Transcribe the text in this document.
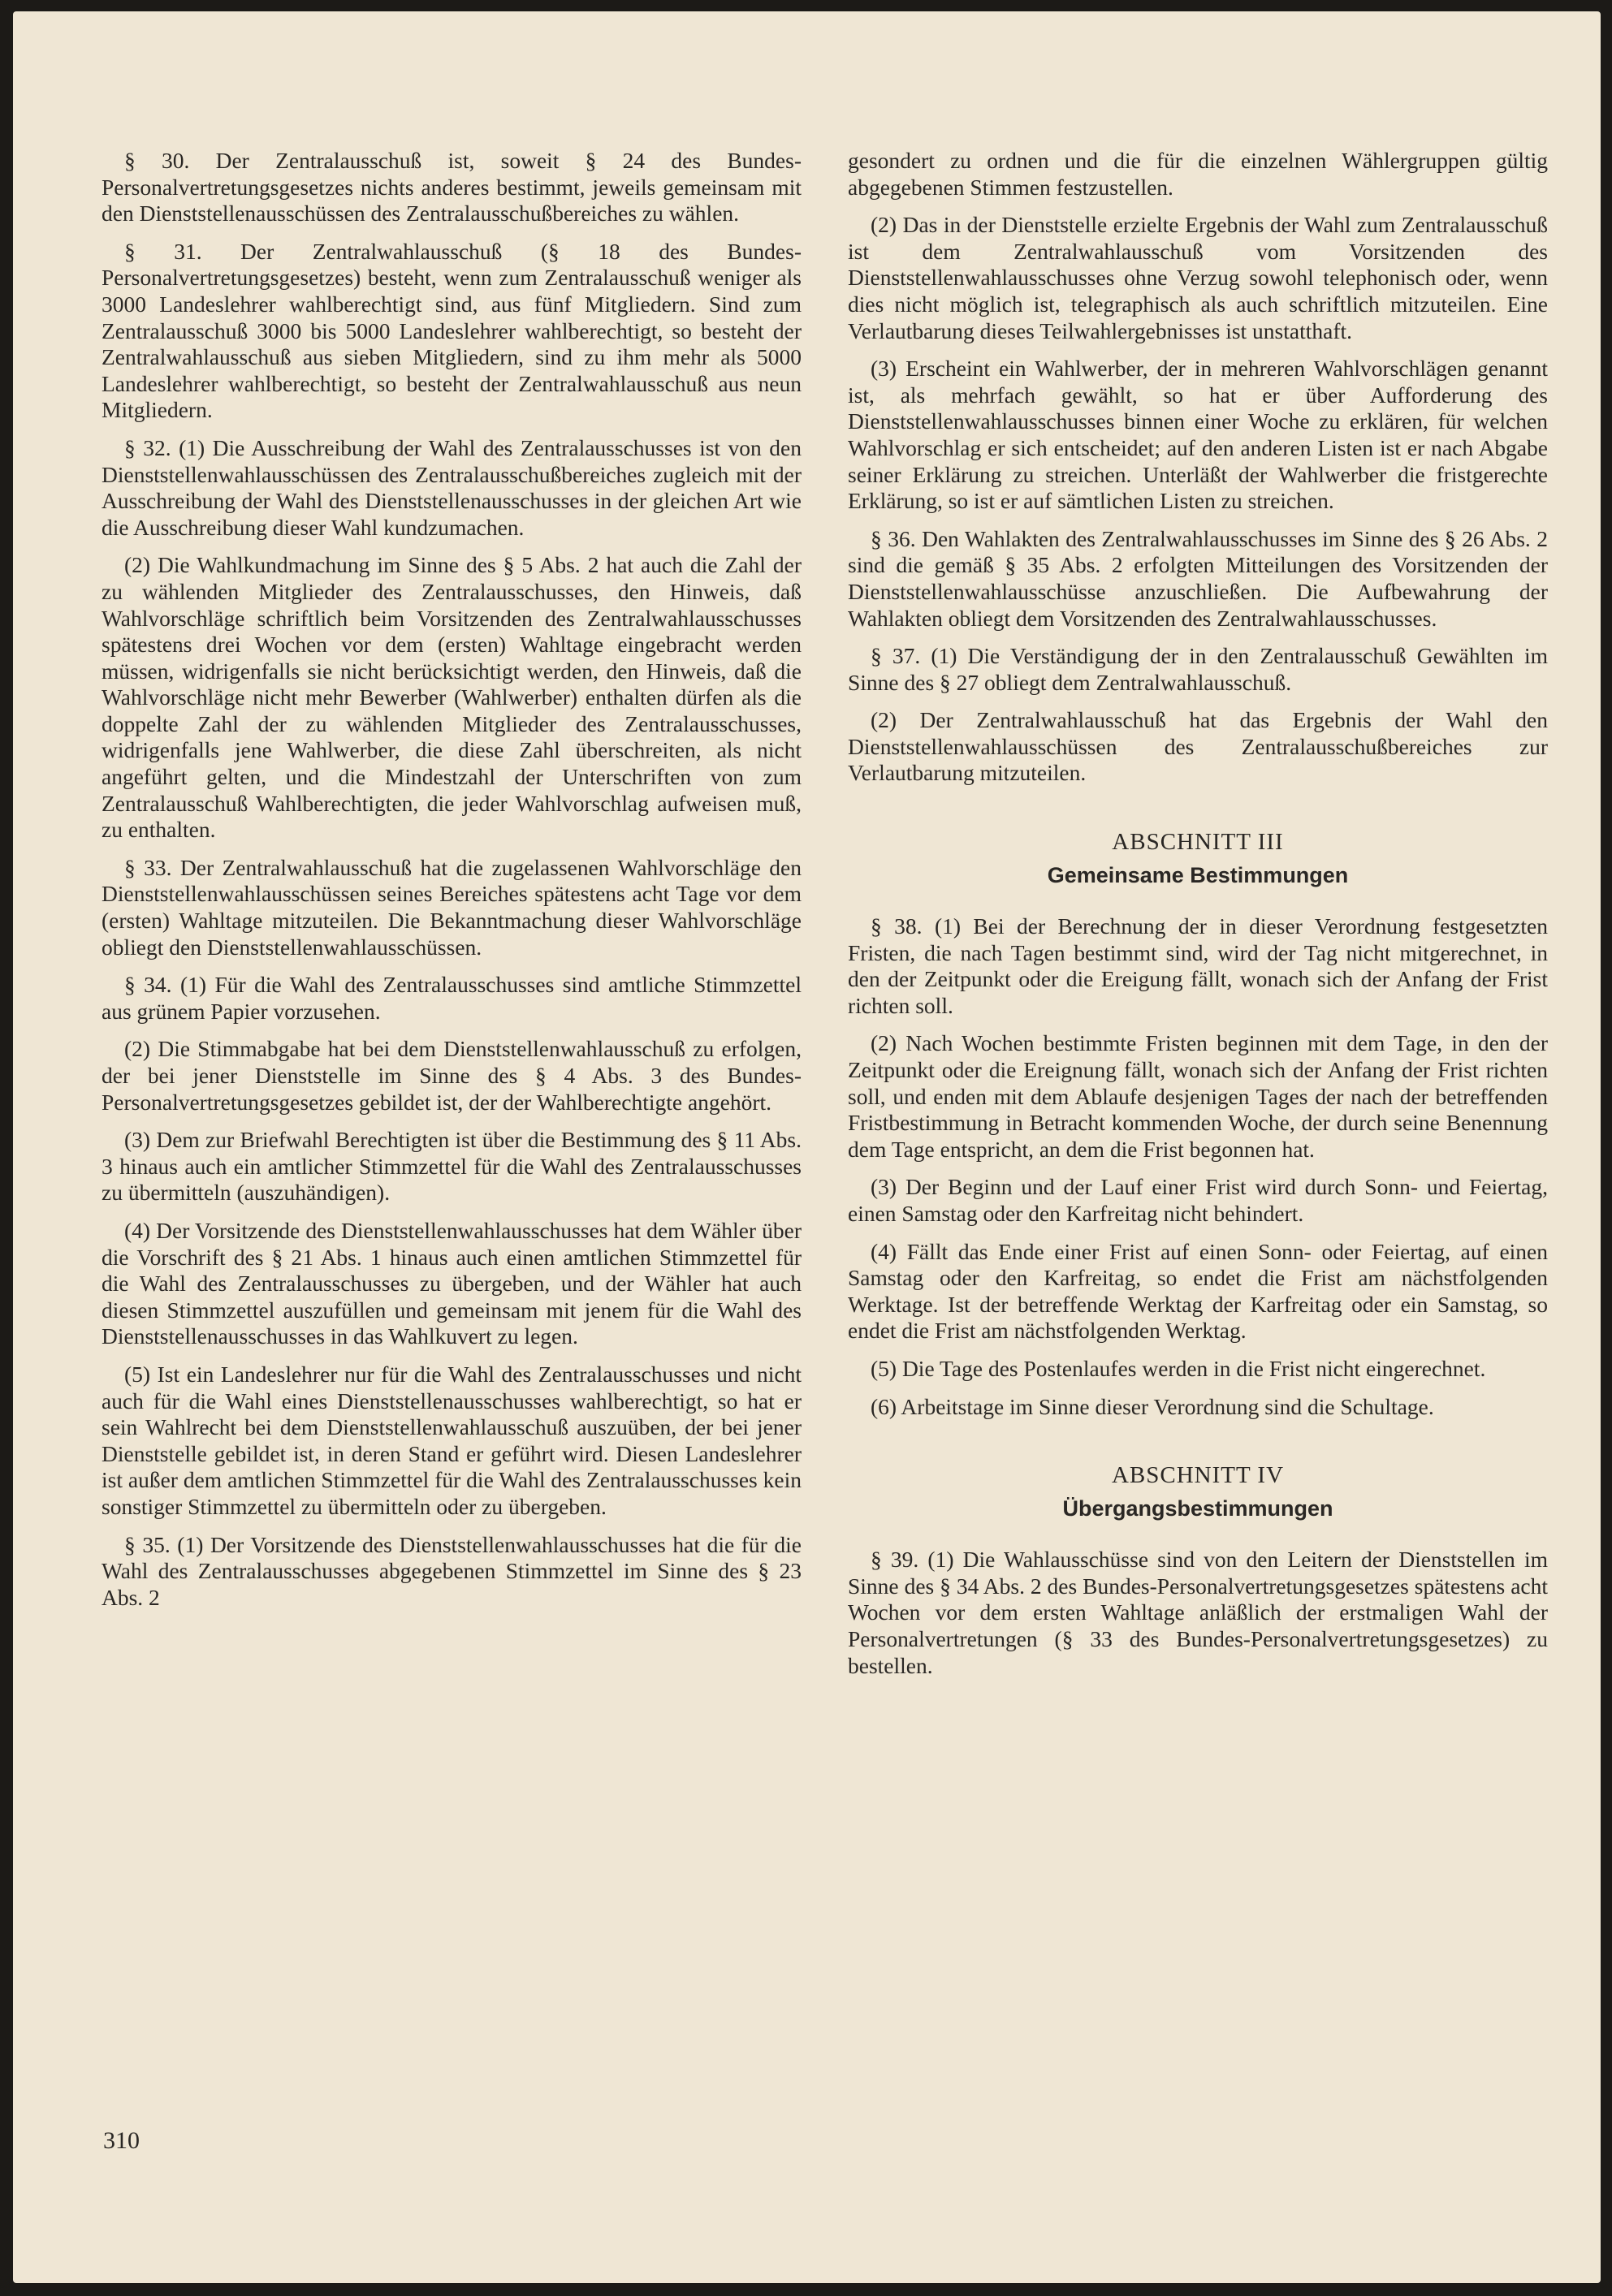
§ 30. Der Zentralausschuß ist, soweit § 24 des Bundes-Personalvertretungsgesetzes nichts anderes bestimmt, jeweils gemeinsam mit den Dienststellenausschüssen des Zentralausschußbereiches zu wählen.

§ 31. Der Zentralwahlausschuß (§ 18 des Bundes-Personalvertretungsgesetzes) besteht, wenn zum Zentralausschuß weniger als 3000 Landeslehrer wahlberechtigt sind, aus fünf Mitgliedern. Sind zum Zentralausschuß 3000 bis 5000 Landeslehrer wahlberechtigt, so besteht der Zentralwahlausschuß aus sieben Mitgliedern, sind zu ihm mehr als 5000 Landeslehrer wahlberechtigt, so besteht der Zentralwahlausschuß aus neun Mitgliedern.

§ 32. (1) Die Ausschreibung der Wahl des Zentralausschusses ist von den Dienststellenwahlausschüssen des Zentralausschußbereiches zugleich mit der Ausschreibung der Wahl des Dienststellenausschusses in der gleichen Art wie die Ausschreibung dieser Wahl kundzumachen.

(2) Die Wahlkundmachung im Sinne des § 5 Abs. 2 hat auch die Zahl der zu wählenden Mitglieder des Zentralausschusses, den Hinweis, daß Wahlvorschläge schriftlich beim Vorsitzenden des Zentralwahlausschusses spätestens drei Wochen vor dem (ersten) Wahltage eingebracht werden müssen, widrigenfalls sie nicht berücksichtigt werden, den Hinweis, daß die Wahlvorschläge nicht mehr Bewerber (Wahlwerber) enthalten dürfen als die doppelte Zahl der zu wählenden Mitglieder des Zentralausschusses, widrigenfalls jene Wahlwerber, die diese Zahl überschreiten, als nicht angeführt gelten, und die Mindestzahl der Unterschriften von zum Zentralausschuß Wahlberechtigten, die jeder Wahlvorschlag aufweisen muß, zu enthalten.

§ 33. Der Zentralwahlausschuß hat die zugelassenen Wahlvorschläge den Dienststellenwahlausschüssen seines Bereiches spätestens acht Tage vor dem (ersten) Wahltage mitzuteilen. Die Bekanntmachung dieser Wahlvorschläge obliegt den Dienststellenwahlausschüssen.

§ 34. (1) Für die Wahl des Zentralausschusses sind amtliche Stimmzettel aus grünem Papier vorzusehen.

(2) Die Stimmabgabe hat bei dem Dienststellenwahlausschuß zu erfolgen, der bei jener Dienststelle im Sinne des § 4 Abs. 3 des Bundes-Personalvertretungsgesetzes gebildet ist, der der Wahlberechtigte angehört.

(3) Dem zur Briefwahl Berechtigten ist über die Bestimmung des § 11 Abs. 3 hinaus auch ein amtlicher Stimmzettel für die Wahl des Zentralausschusses zu übermitteln (auszuhändigen).

(4) Der Vorsitzende des Dienststellenwahlausschusses hat dem Wähler über die Vorschrift des § 21 Abs. 1 hinaus auch einen amtlichen Stimmzettel für die Wahl des Zentralausschusses zu übergeben, und der Wähler hat auch diesen Stimmzettel auszufüllen und gemeinsam mit jenem für die Wahl des Dienststellenausschusses in das Wahlkuvert zu legen.

(5) Ist ein Landeslehrer nur für die Wahl des Zentralausschusses und nicht auch für die Wahl eines Dienststellenausschusses wahlberechtigt, so hat er sein Wahlrecht bei dem Dienststellenwahlausschuß auszuüben, der bei jener Dienststelle gebildet ist, in deren Stand er geführt wird. Diesen Landeslehrer ist außer dem amtlichen Stimmzettel für die Wahl des Zentralausschusses kein sonstiger Stimmzettel zu übermitteln oder zu übergeben.

§ 35. (1) Der Vorsitzende des Dienststellenwahlausschusses hat die für die Wahl des Zentralausschusses abgegebenen Stimmzettel im Sinne des § 23 Abs. 2

gesondert zu ordnen und die für die einzelnen Wählergruppen gültig abgegebenen Stimmen festzustellen.

(2) Das in der Dienststelle erzielte Ergebnis der Wahl zum Zentralausschuß ist dem Zentralwahlausschuß vom Vorsitzenden des Dienststellenwahlausschusses ohne Verzug sowohl telephonisch oder, wenn dies nicht möglich ist, telegraphisch als auch schriftlich mitzuteilen. Eine Verlautbarung dieses Teilwahlergebnisses ist unstatthaft.

(3) Erscheint ein Wahlwerber, der in mehreren Wahlvorschlägen genannt ist, als mehrfach gewählt, so hat er über Aufforderung des Dienststellenwahlausschusses binnen einer Woche zu erklären, für welchen Wahlvorschlag er sich entscheidet; auf den anderen Listen ist er nach Abgabe seiner Erklärung zu streichen. Unterläßt der Wahlwerber die fristgerechte Erklärung, so ist er auf sämtlichen Listen zu streichen.

§ 36. Den Wahlakten des Zentralwahlausschusses im Sinne des § 26 Abs. 2 sind die gemäß § 35 Abs. 2 erfolgten Mitteilungen des Vorsitzenden der Dienststellenwahlausschüsse anzuschließen. Die Aufbewahrung der Wahlakten obliegt dem Vorsitzenden des Zentralwahlausschusses.

§ 37. (1) Die Verständigung der in den Zentralausschuß Gewählten im Sinne des § 27 obliegt dem Zentralwahlausschuß.

(2) Der Zentralwahlausschuß hat das Ergebnis der Wahl den Dienststellenwahlausschüssen des Zentralausschußbereiches zur Verlautbarung mitzuteilen.

ABSCHNITT III
Gemeinsame Bestimmungen

§ 38. (1) Bei der Berechnung der in dieser Verordnung festgesetzten Fristen, die nach Tagen bestimmt sind, wird der Tag nicht mitgerechnet, in den der Zeitpunkt oder die Ereigung fällt, wonach sich der Anfang der Frist richten soll.

(2) Nach Wochen bestimmte Fristen beginnen mit dem Tage, in den der Zeitpunkt oder die Ereignung fällt, wonach sich der Anfang der Frist richten soll, und enden mit dem Ablaufe desjenigen Tages der nach der betreffenden Fristbestimmung in Betracht kommenden Woche, der durch seine Benennung dem Tage entspricht, an dem die Frist begonnen hat.

(3) Der Beginn und der Lauf einer Frist wird durch Sonn- und Feiertag, einen Samstag oder den Karfreitag nicht behindert.

(4) Fällt das Ende einer Frist auf einen Sonn- oder Feiertag, auf einen Samstag oder den Karfreitag, so endet die Frist am nächstfolgenden Werktage. Ist der betreffende Werktag der Karfreitag oder ein Samstag, so endet die Frist am nächstfolgenden Werktag.

(5) Die Tage des Postenlaufes werden in die Frist nicht eingerechnet.

(6) Arbeitstage im Sinne dieser Verordnung sind die Schultage.

ABSCHNITT IV
Übergangsbestimmungen

§ 39. (1) Die Wahlausschüsse sind von den Leitern der Dienststellen im Sinne des § 34 Abs. 2 des Bundes-Personalvertretungsgesetzes spätestens acht Wochen vor dem ersten Wahltage anläßlich der erstmaligen Wahl der Personalvertretungen (§ 33 des Bundes-Personalvertretungsgesetzes) zu bestellen.

310
